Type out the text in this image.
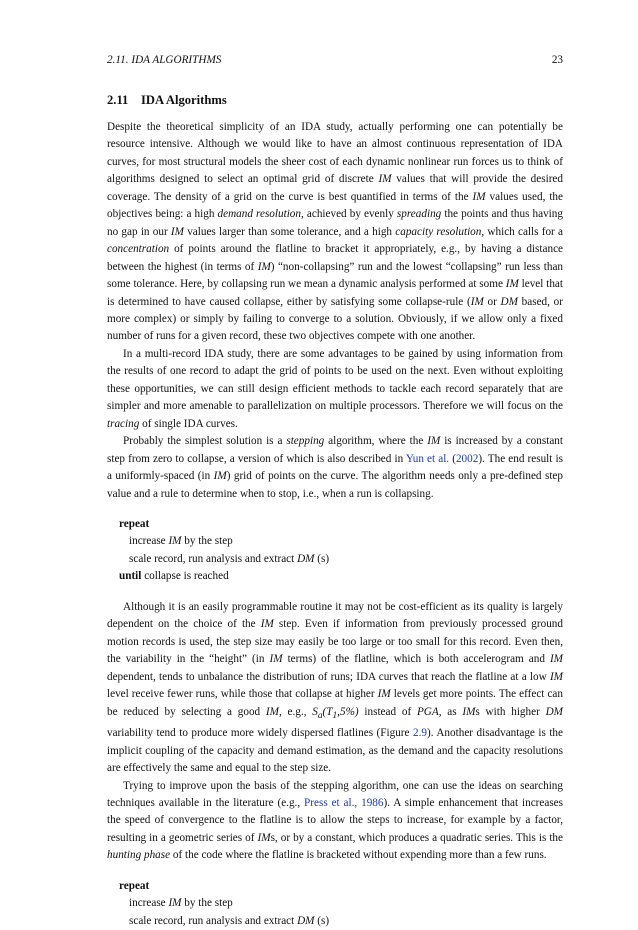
2.11. IDA ALGORITHMS	23
2.11 IDA Algorithms

Despite the theoretical simplicity of an IDA study, actually performing one can potentially be resource intensive. Although we would like to have an almost continuous representation of IDA curves, for most structural models the sheer cost of each dynamic nonlinear run forces us to think of algorithms designed to select an optimal grid of discrete IM values that will provide the desired coverage. The density of a grid on the curve is best quantified in terms of the IM values used, the objectives being: a high demand resolution, achieved by evenly spreading the points and thus having no gap in our IM values larger than some tolerance, and a high capacity resolution, which calls for a concentration of points around the flatline to bracket it appropriately, e.g., by having a distance between the highest (in terms of IM) “non-collapsing” run and the lowest “collapsing” run less than some tolerance. Here, by collapsing run we mean a dynamic analysis performed at some IM level that is determined to have caused collapse, either by satisfying some collapse-rule (IM or DM based, or more complex) or simply by failing to converge to a solution. Obviously, if we allow only a fixed number of runs for a given record, these two objectives compete with one another.

In a multi-record IDA study, there are some advantages to be gained by using information from the results of one record to adapt the grid of points to be used on the next. Even without exploiting these opportunities, we can still design efficient methods to tackle each record separately that are simpler and more amenable to parallelization on multiple processors. Therefore we will focus on the tracing of single IDA curves.

Probably the simplest solution is a stepping algorithm, where the IM is increased by a constant step from zero to collapse, a version of which is also described in Yun et al. (2002). The end result is a uniformly-spaced (in IM) grid of points on the curve. The algorithm needs only a pre-defined step value and a rule to determine when to stop, i.e., when a run is collapsing.

repeat
increase IM by the step
scale record, run analysis and extract DM (s)
until collapse is reached

Although it is an easily programmable routine it may not be cost-efficient as its quality is largely dependent on the choice of the IM step. Even if information from previously processed ground motion records is used, the step size may easily be too large or too small for this record. Even then, the variability in the “height” (in IM terms) of the flatline, which is both accelerogram and IM dependent, tends to unbalance the distribution of runs; IDA curves that reach the flatline at a low IM level receive fewer runs, while those that collapse at higher IM levels get more points. The effect can be reduced by selecting a good IM, e.g., $S_a(T_1,5\%)$ instead of PGA, as IMs with higher DM variability tend to produce more widely dispersed flatlines (Figure 2.9). Another disadvantage is the implicit coupling of the capacity and demand estimation, as the demand and the capacity resolutions are effectively the same and equal to the step size.

Trying to improve upon the basis of the stepping algorithm, one can use the ideas on searching techniques available in the literature (e.g., Press et al., 1986). A simple enhancement that increases the speed of convergence to the flatline is to allow the steps to increase, for example by a factor, resulting in a geometric series of IMs, or by a constant, which produces a quadratic series. This is the hunting phase of the code where the flatline is bracketed without expending more than a few runs.

repeat
increase IM by the step
scale record, run analysis and extract DM (s)
